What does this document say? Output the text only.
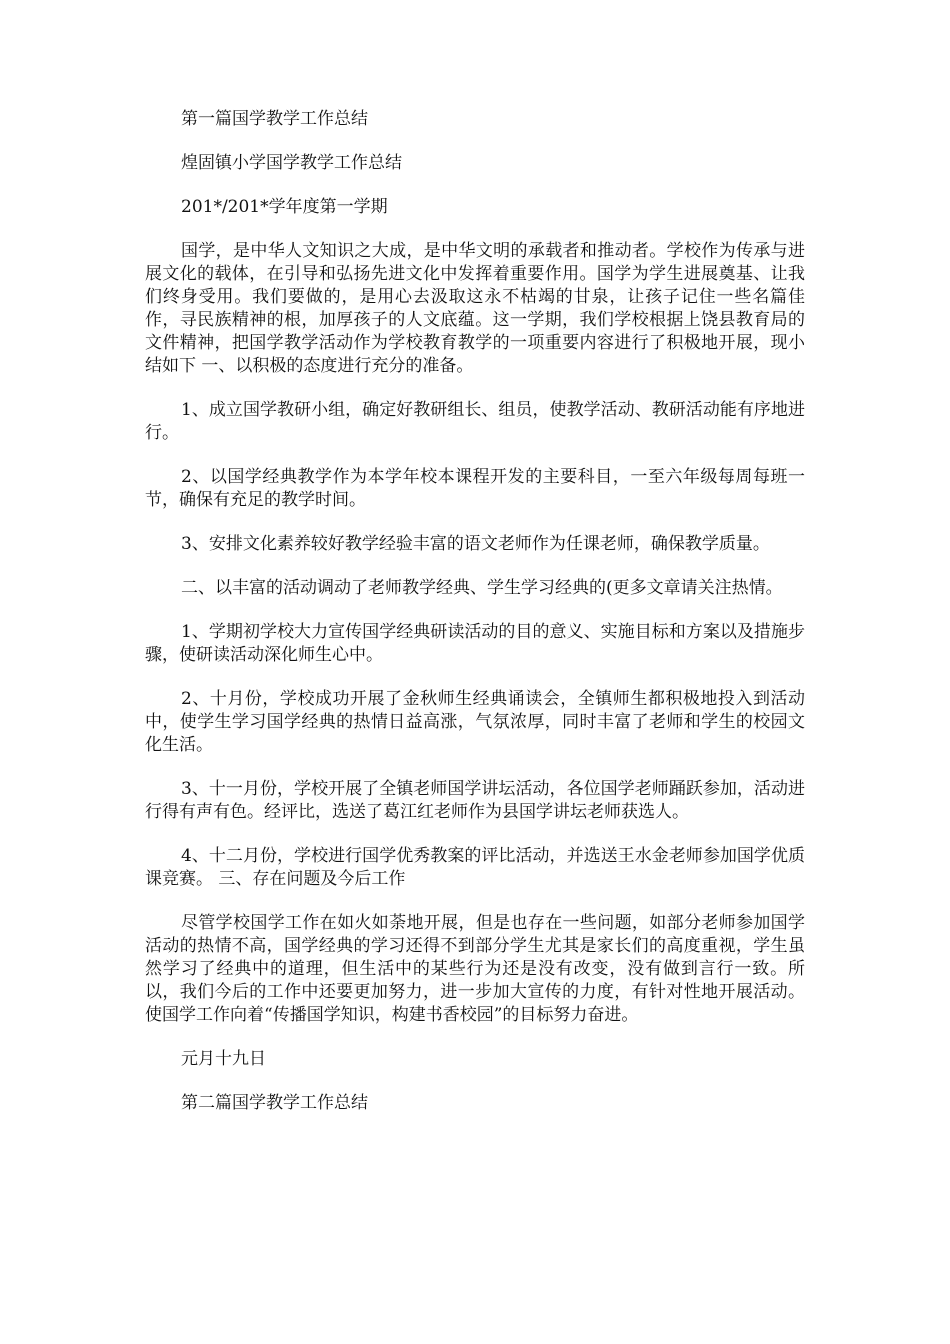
第一篇国学教学工作总结

煌固镇小学国学教学工作总结

201*/201*学年度第一学期

国学，是中华人文知识之大成，是中华文明的承载者和推动者。学校作为传承与进展文化的载体，在引导和弘扬先进文化中发挥着重要作用。国学为学生进展奠基、让我们终身受用。我们要做的，是用心去汲取这永不枯竭的甘泉，让孩子记住一些名篇佳作，寻民族精神的根，加厚孩子的人文底蕴。这一学期，我们学校根据上饶县教育局的文件精神，把国学教学活动作为学校教育教学的一项重要内容进行了积极地开展，现小结如下 一、以积极的态度进行充分的准备。

1、成立国学教研小组，确定好教研组长、组员，使教学活动、教研活动能有序地进行。

2、以国学经典教学作为本学年校本课程开发的主要科目，一至六年级每周每班一节，确保有充足的教学时间。

3、安排文化素养较好教学经验丰富的语文老师作为任课老师，确保教学质量。

二、以丰富的活动调动了老师教学经典、学生学习经典的(更多文章请关注热情。

1、学期初学校大力宣传国学经典研读活动的目的意义、实施目标和方案以及措施步骤，使研读活动深化师生心中。

2、十月份，学校成功开展了金秋师生经典诵读会，全镇师生都积极地投入到活动中，使学生学习国学经典的热情日益高涨，气氛浓厚，同时丰富了老师和学生的校园文化生活。

3、十一月份，学校开展了全镇老师国学讲坛活动，各位国学老师踊跃参加，活动进行得有声有色。经评比，选送了葛江红老师作为县国学讲坛老师获选人。

4、十二月份，学校进行国学优秀教案的评比活动，并选送王水金老师参加国学优质课竞赛。 三、存在问题及今后工作

尽管学校国学工作在如火如荼地开展，但是也存在一些问题，如部分老师参加国学活动的热情不高，国学经典的学习还得不到部分学生尤其是家长们的高度重视，学生虽然学习了经典中的道理，但生活中的某些行为还是没有改变，没有做到言行一致。所以，我们今后的工作中还要更加努力，进一步加大宣传的力度，有针对性地开展活动。使国学工作向着“传播国学知识，构建书香校园”的目标努力奋进。

元月十九日

第二篇国学教学工作总结
